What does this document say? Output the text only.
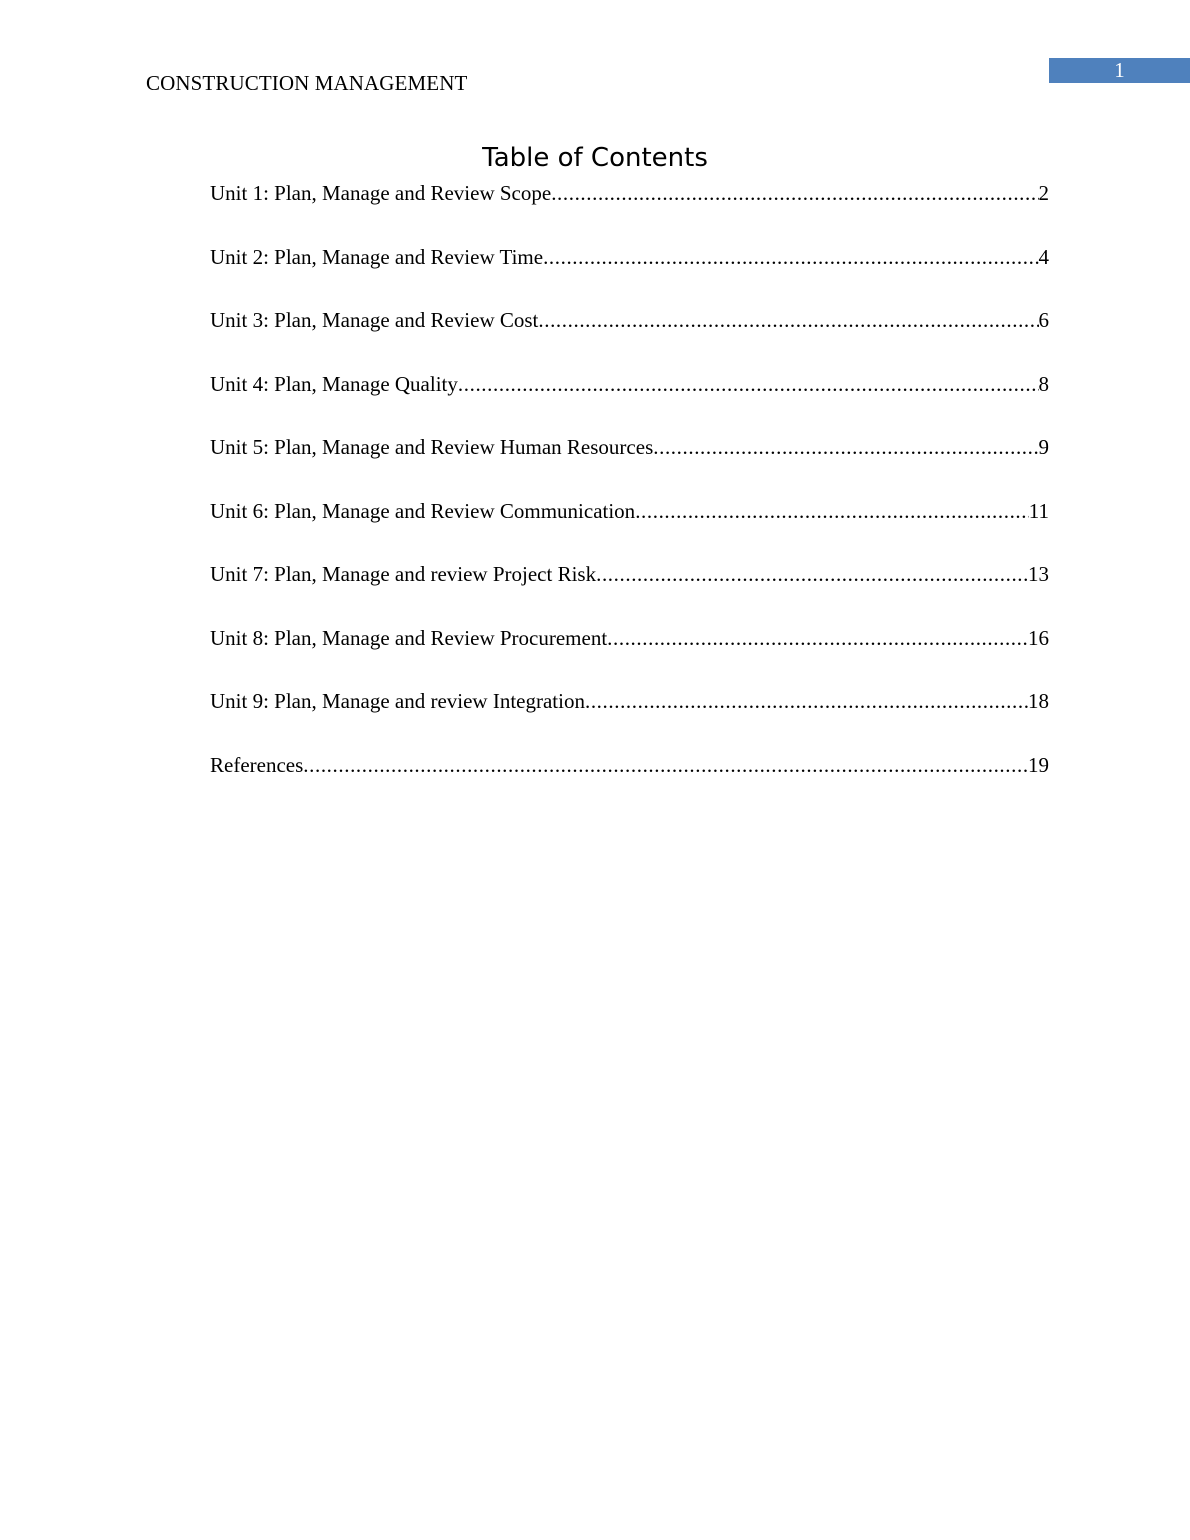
1
CONSTRUCTION MANAGEMENT
Table of Contents
Unit 1: Plan, Manage and Review Scope .....	2
Unit 2: Plan, Manage and Review Time .....	4
Unit 3: Plan, Manage and Review Cost .....	6
Unit 4: Plan, Manage Quality .....	8
Unit 5: Plan, Manage and Review Human Resources .....	9
Unit 6: Plan, Manage and Review Communication .....	11
Unit 7: Plan, Manage and review Project Risk .....	13
Unit 8: Plan, Manage and Review Procurement .....	16
Unit 9: Plan, Manage and review Integration .....	18
References .....	19
